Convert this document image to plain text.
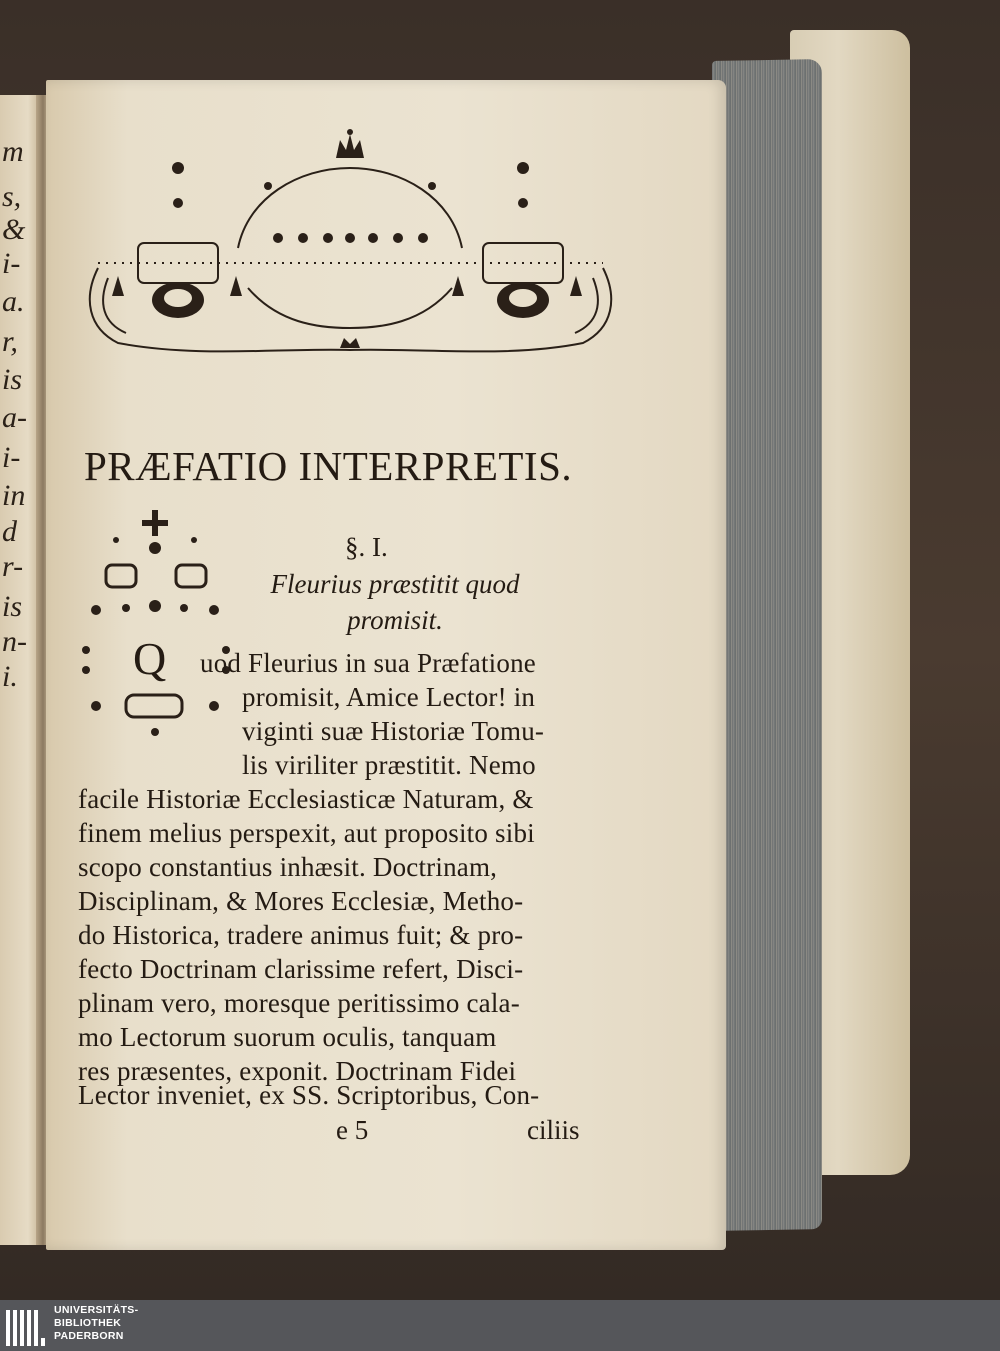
m
s,
&
i-
a.
r,
is
a-
i-
in
d
r-
is
n-
i.
PRÆFATIO INTERPRETIS.
Q
§. I.
Fleurius præstitit quod
promisit.
uod Fleurius in sua Præfatione
promisit, Amice Lector! in
viginti suæ Historiæ Tomu-
lis viriliter præstitit. Nemo
facile Historiæ Ecclesiasticæ Naturam, &
finem melius perspexit, aut proposito sibi
scopo constantius inhæsit. Doctrinam,
Disciplinam, & Mores Ecclesiæ, Metho-
do Historica, tradere animus fuit; & pro-
fecto Doctrinam clarissime refert, Disci-
plinam vero, moresque peritissimo cala-
mo Lectorum suorum oculis, tanquam
res præsentes, exponit. Doctrinam Fidei
Lector inveniet, ex SS. Scriptoribus, Con-
e 5	ciliis
UNIVERSITÄTS-
BIBLIOTHEK
PADERBORN
